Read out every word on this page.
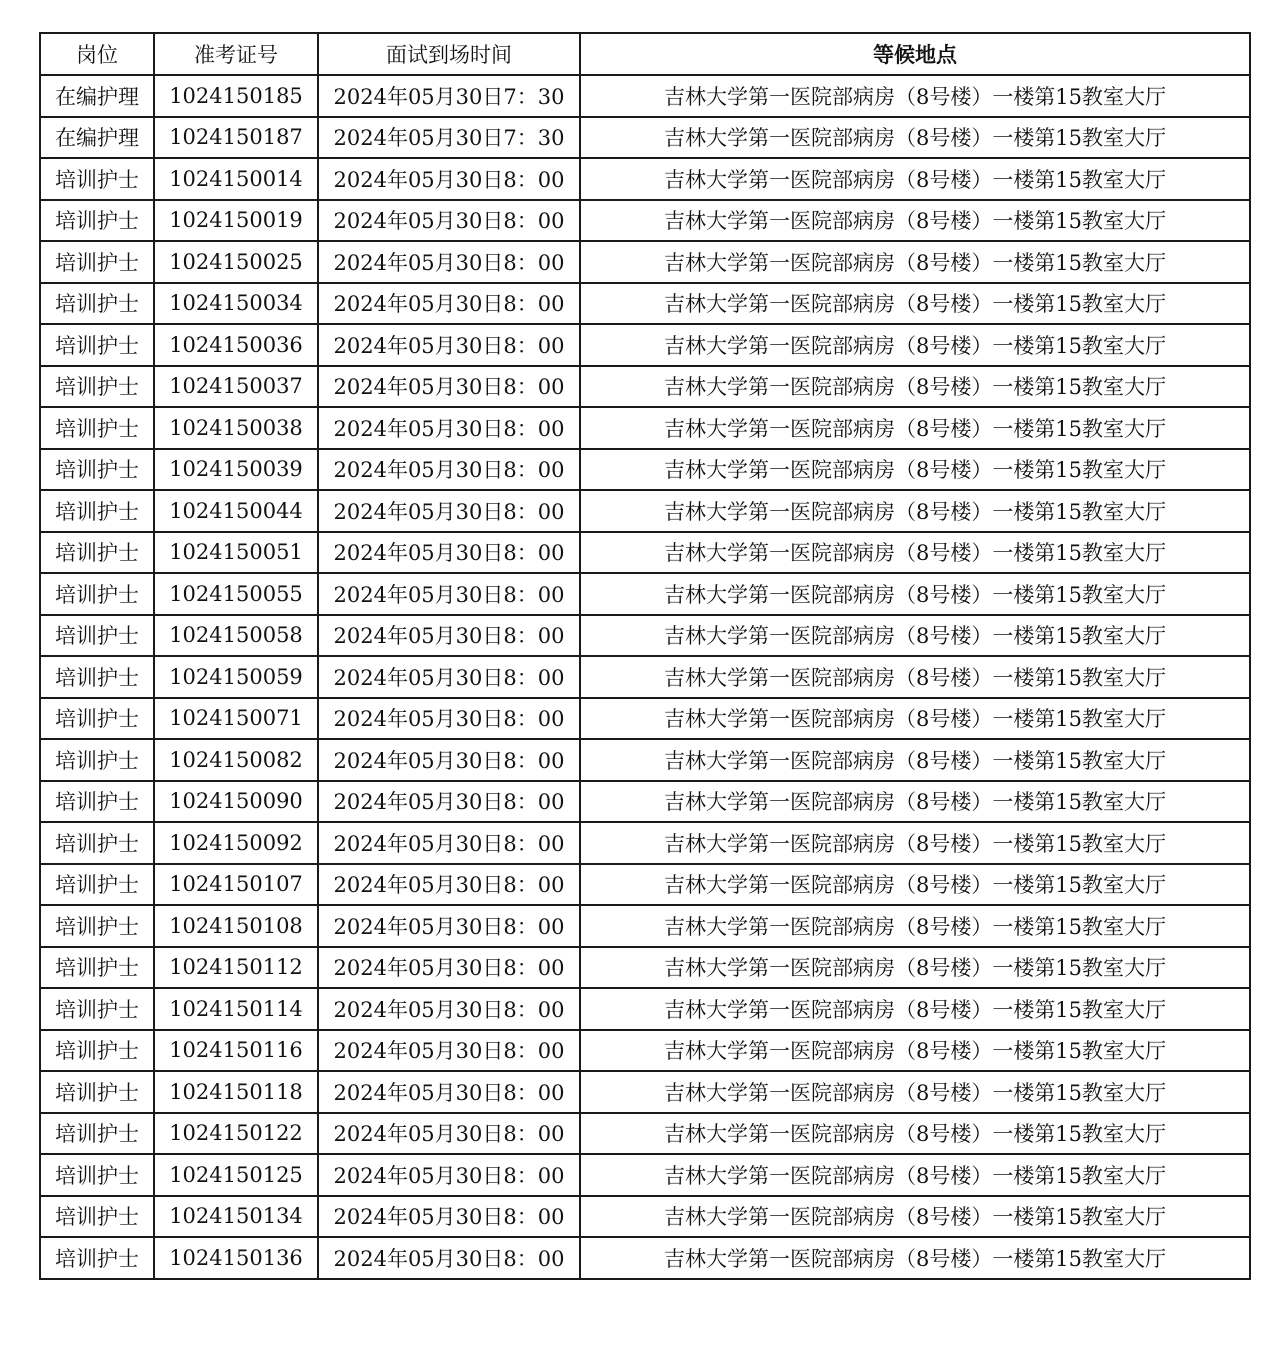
岗位	准考证号	面试到场时间	等候地点
在编护理	1024150185	2024年05月30日7：30	吉林大学第一医院部病房（8号楼）一楼第15教室大厅
在编护理	1024150187	2024年05月30日7：30	吉林大学第一医院部病房（8号楼）一楼第15教室大厅
培训护士	1024150014	2024年05月30日8：00	吉林大学第一医院部病房（8号楼）一楼第15教室大厅
培训护士	1024150019	2024年05月30日8：00	吉林大学第一医院部病房（8号楼）一楼第15教室大厅
培训护士	1024150025	2024年05月30日8：00	吉林大学第一医院部病房（8号楼）一楼第15教室大厅
培训护士	1024150034	2024年05月30日8：00	吉林大学第一医院部病房（8号楼）一楼第15教室大厅
培训护士	1024150036	2024年05月30日8：00	吉林大学第一医院部病房（8号楼）一楼第15教室大厅
培训护士	1024150037	2024年05月30日8：00	吉林大学第一医院部病房（8号楼）一楼第15教室大厅
培训护士	1024150038	2024年05月30日8：00	吉林大学第一医院部病房（8号楼）一楼第15教室大厅
培训护士	1024150039	2024年05月30日8：00	吉林大学第一医院部病房（8号楼）一楼第15教室大厅
培训护士	1024150044	2024年05月30日8：00	吉林大学第一医院部病房（8号楼）一楼第15教室大厅
培训护士	1024150051	2024年05月30日8：00	吉林大学第一医院部病房（8号楼）一楼第15教室大厅
培训护士	1024150055	2024年05月30日8：00	吉林大学第一医院部病房（8号楼）一楼第15教室大厅
培训护士	1024150058	2024年05月30日8：00	吉林大学第一医院部病房（8号楼）一楼第15教室大厅
培训护士	1024150059	2024年05月30日8：00	吉林大学第一医院部病房（8号楼）一楼第15教室大厅
培训护士	1024150071	2024年05月30日8：00	吉林大学第一医院部病房（8号楼）一楼第15教室大厅
培训护士	1024150082	2024年05月30日8：00	吉林大学第一医院部病房（8号楼）一楼第15教室大厅
培训护士	1024150090	2024年05月30日8：00	吉林大学第一医院部病房（8号楼）一楼第15教室大厅
培训护士	1024150092	2024年05月30日8：00	吉林大学第一医院部病房（8号楼）一楼第15教室大厅
培训护士	1024150107	2024年05月30日8：00	吉林大学第一医院部病房（8号楼）一楼第15教室大厅
培训护士	1024150108	2024年05月30日8：00	吉林大学第一医院部病房（8号楼）一楼第15教室大厅
培训护士	1024150112	2024年05月30日8：00	吉林大学第一医院部病房（8号楼）一楼第15教室大厅
培训护士	1024150114	2024年05月30日8：00	吉林大学第一医院部病房（8号楼）一楼第15教室大厅
培训护士	1024150116	2024年05月30日8：00	吉林大学第一医院部病房（8号楼）一楼第15教室大厅
培训护士	1024150118	2024年05月30日8：00	吉林大学第一医院部病房（8号楼）一楼第15教室大厅
培训护士	1024150122	2024年05月30日8：00	吉林大学第一医院部病房（8号楼）一楼第15教室大厅
培训护士	1024150125	2024年05月30日8：00	吉林大学第一医院部病房（8号楼）一楼第15教室大厅
培训护士	1024150134	2024年05月30日8：00	吉林大学第一医院部病房（8号楼）一楼第15教室大厅
培训护士	1024150136	2024年05月30日8：00	吉林大学第一医院部病房（8号楼）一楼第15教室大厅
